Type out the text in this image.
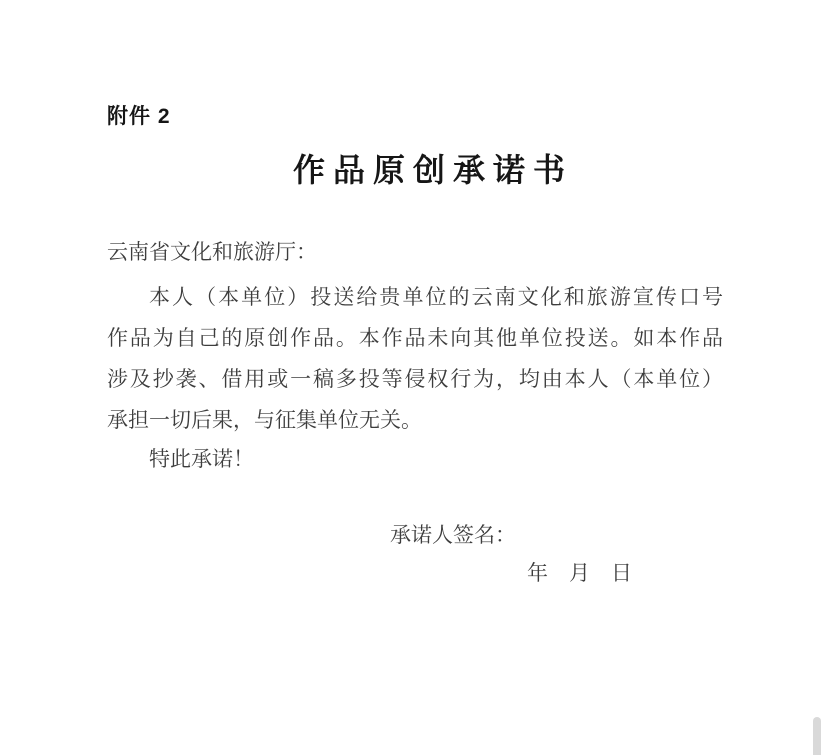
附件 2
作品原创承诺书
云南省文化和旅游厅：

本人（本单位）投送给贵单位的云南文化和旅游宣传口号

作品为自己的原创作品。本作品未向其他单位投送。如本作品

涉及抄袭、借用或一稿多投等侵权行为，均由本人（本单位）

承担一切后果，与征集单位无关。

特此承诺！
承诺人签名：
年　月　日
